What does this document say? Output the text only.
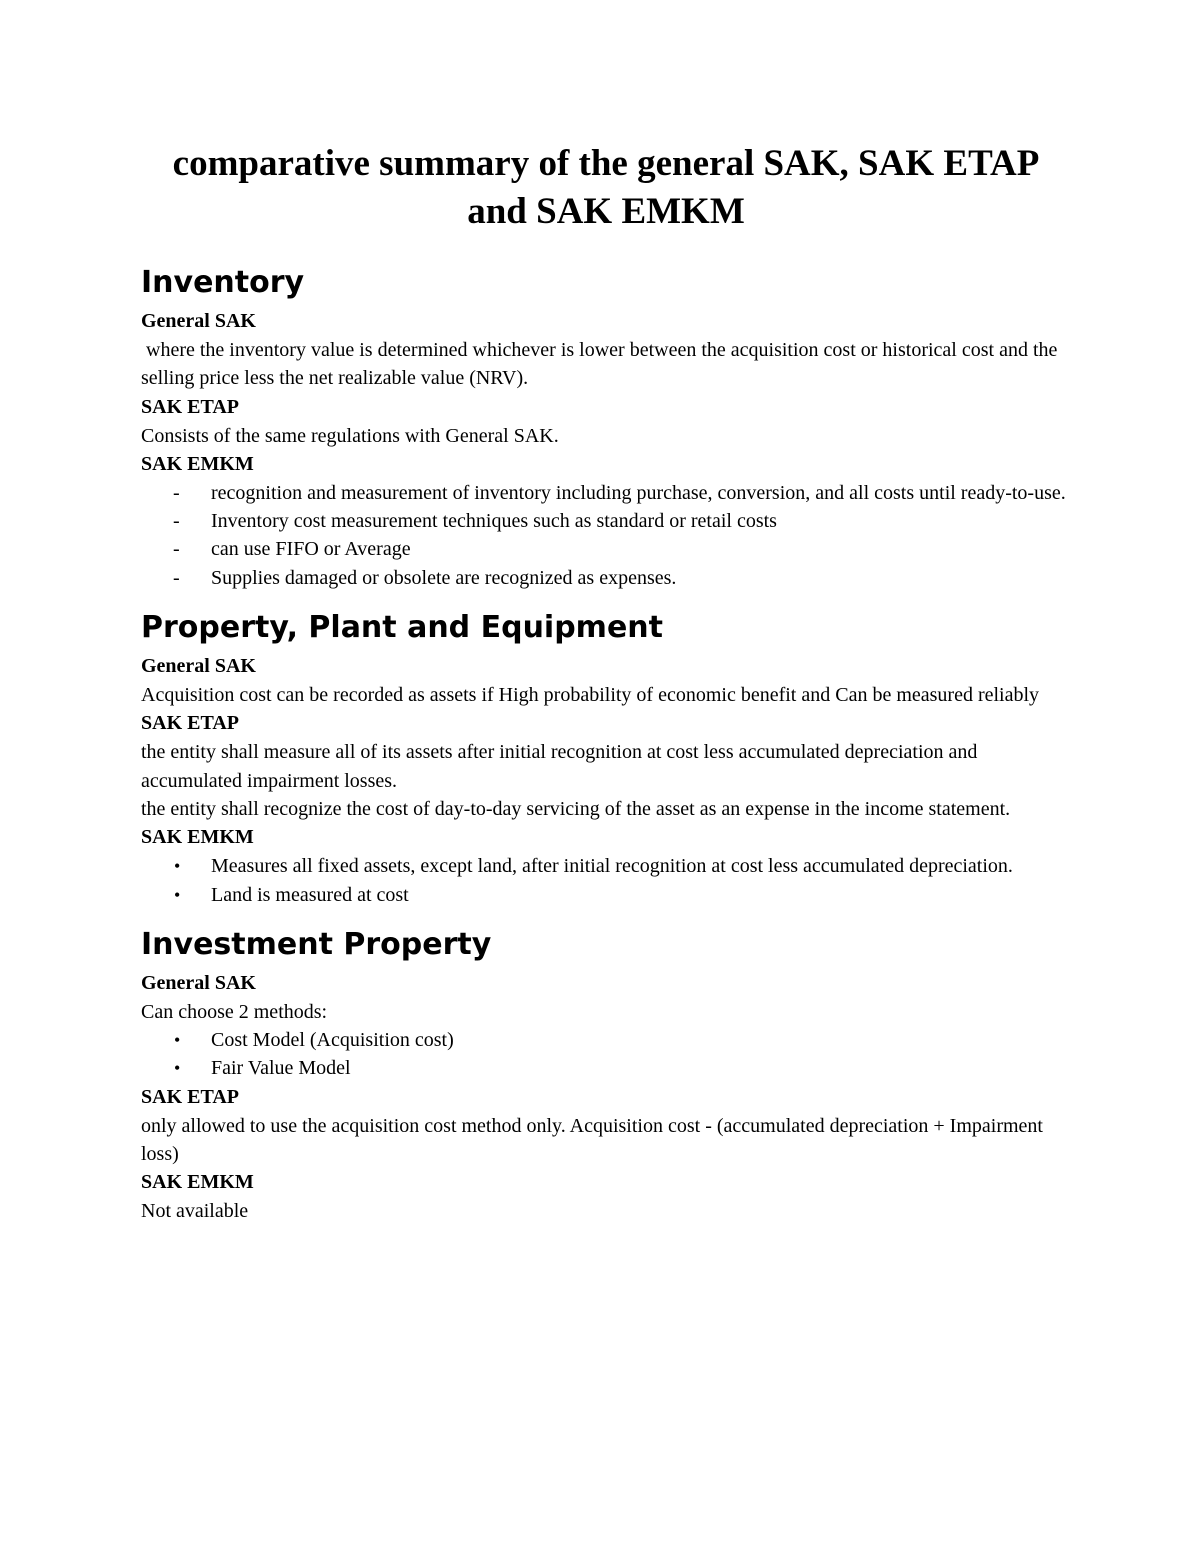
comparative summary of the general SAK, SAK ETAP
and SAK EMKM
Inventory

General SAK

where the inventory value is determined whichever is lower between the acquisition cost or historical cost and the selling price less the net realizable value (NRV).

SAK ETAP

Consists of the same regulations with General SAK.

SAK EMKM

-	recognition and measurement of inventory including purchase, conversion, and all costs until ready-to-use.
-	Inventory cost measurement techniques such as standard or retail costs
-	can use FIFO or Average
-	Supplies damaged or obsolete are recognized as expenses.
Property, Plant and Equipment

General SAK

Acquisition cost can be recorded as assets if High probability of economic benefit and Can be measured reliably

SAK ETAP

the entity shall measure all of its assets after initial recognition at cost less accumulated depreciation and accumulated impairment losses.

the entity shall recognize the cost of day-to-day servicing of the asset as an expense in the income statement.

SAK EMKM

•	Measures all fixed assets, except land, after initial recognition at cost less accumulated depreciation.
•	Land is measured at cost
Investment Property

General SAK

Can choose 2 methods:

•	Cost Model (Acquisition cost)
•	Fair Value Model

SAK ETAP

only allowed to use the acquisition cost method only. Acquisition cost - (accumulated depreciation + Impairment loss)

SAK EMKM

Not available
